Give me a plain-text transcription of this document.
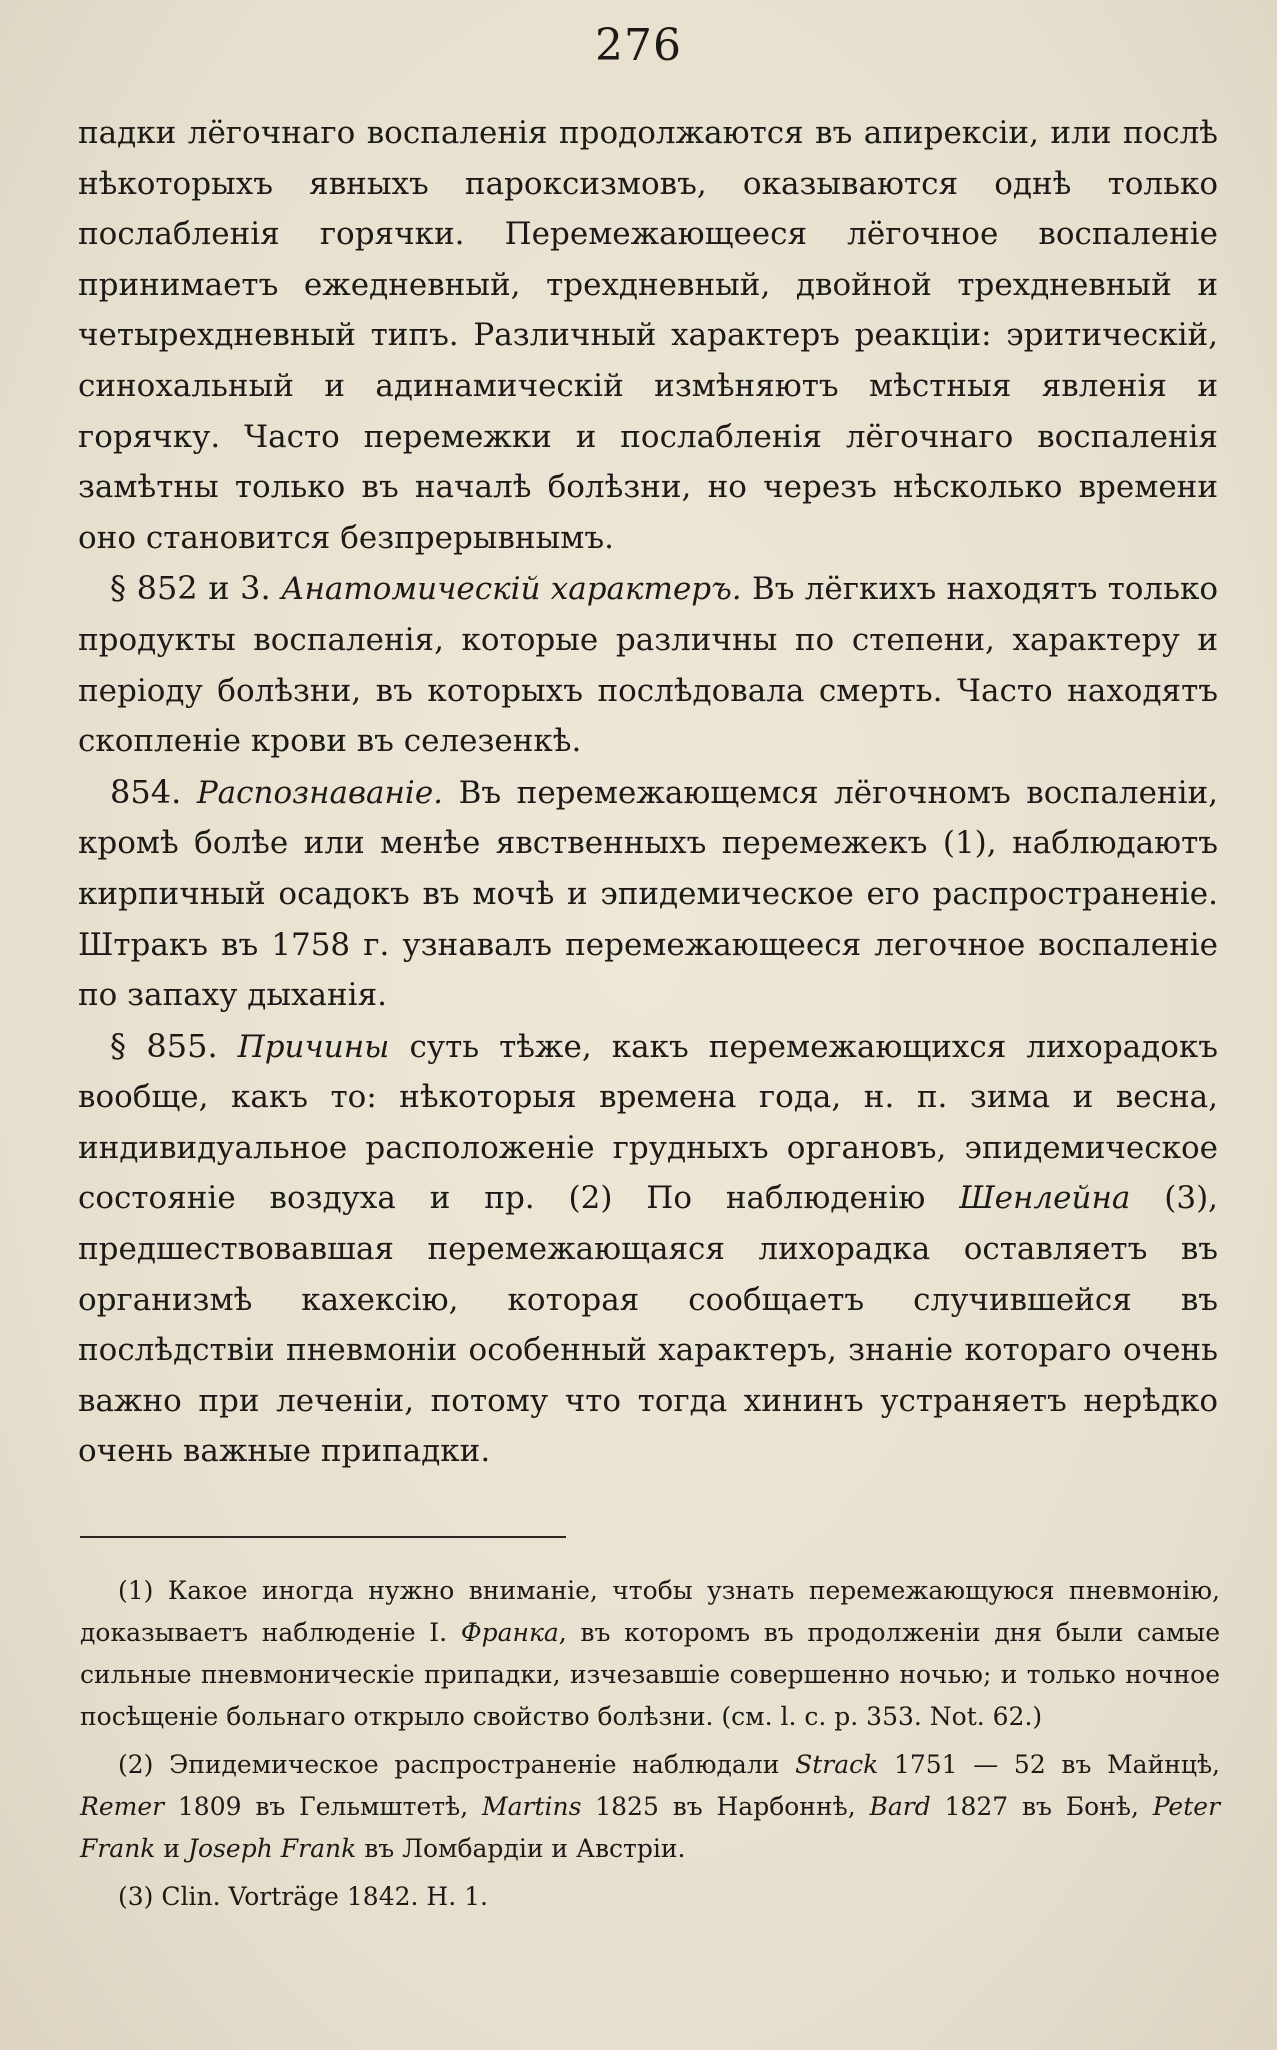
276

падки лёгочнаго воспаленія продолжаются въ апирексіи, или послѣ нѣкоторыхъ явныхъ пароксизмовъ, оказываются однѣ только послабленія горячки. Перемежающееся лёгочное воспаленіе принимаетъ ежедневный, трехдневный, двойной трехдневный и четырехдневный типъ. Различный характеръ реакціи: эритическій, синохальный и адинамическій измѣняютъ мѣстныя явленія и горячку. Часто перемежки и послабленія лёгочнаго воспаленія замѣтны только въ началѣ болѣзни, но черезъ нѣсколько времени оно становится безпрерывнымъ.

§ 852 и 3. Анатомическій характеръ. Въ лёгкихъ находятъ только продукты воспаленія, которые различны по степени, характеру и періоду болѣзни, въ которыхъ послѣдовала смерть. Часто находятъ скопленіе крови въ селезенкѣ.

854. Распознаваніе. Въ перемежающемся лёгочномъ воспаленіи, кромѣ болѣе или менѣе явственныхъ перемежекъ (1), наблюдаютъ кирпичный осадокъ въ мочѣ и эпидемическое его распространеніе. Штракъ въ 1758 г. узнавалъ перемежающееся легочное воспаленіе по запаху дыханія.

§ 855. Причины суть тѣже, какъ перемежающихся лихорадокъ вообще, какъ то: нѣкоторыя времена года, н. п. зима и весна, индивидуальное расположеніе грудныхъ органовъ, эпидемическое состояніе воздуха и пр. (2) По наблюденію Шенлейна (3), предшествовавшая перемежающаяся лихорадка оставляетъ въ организмѣ кахексію, которая сообщаетъ случившейся въ послѣдствіи пневмоніи особенный характеръ, знаніе котораго очень важно при леченіи, потому что тогда хининъ устраняетъ нерѣдко очень важные припадки.

(1) Какое иногда нужно вниманіе, чтобы узнать перемежающуюся пневмонію, доказываетъ наблюденіе I. Франка, въ которомъ въ продолженіи дня были самые сильные пневмоническіе припадки, изчезавшіе совершенно ночью; и только ночное посѣщеніе больнаго открыло свойство болѣзни. (см. l. c. p. 353. Not. 62.)

(2) Эпидемическое распространеніе наблюдали Strack 1751 — 52 въ Майнцѣ, Remer 1809 въ Гельмштетѣ, Martins 1825 въ Нарбоннѣ, Bard 1827 въ Бонѣ, Peter Frank и Joseph Frank въ Ломбардіи и Австріи.

(3) Clin. Vorträge 1842. H. 1.
